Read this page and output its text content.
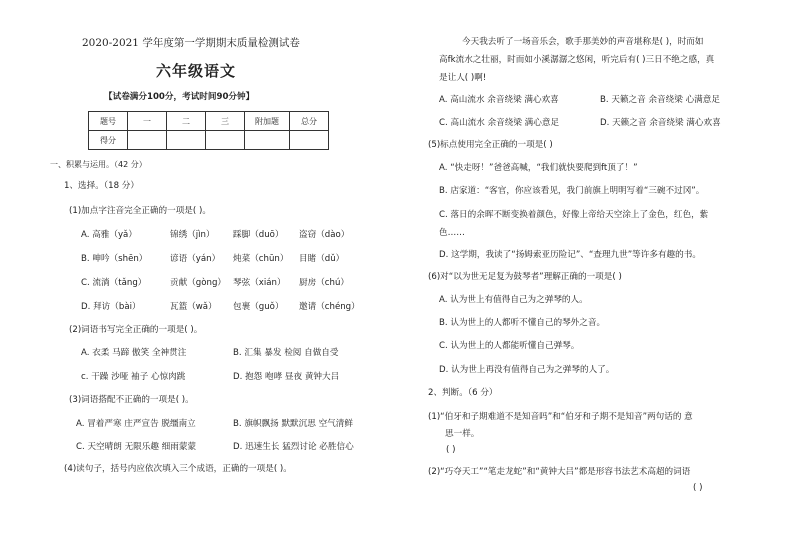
2020-2021 学年度第一学期期末质量检测试卷
六年级语文
【试卷满分100分，考试时间90分钟】
题号	一	二	三	附加题	总分
得分					
一、积累与运用。（42 分）
1、选择。（18 分）
(1)加点字注音完全正确的一项是( )。
A. 高雅（yǎ）	锦绣（jìn） 踩脚（duō） 盗窃（dào）
B. 呻吟（shēn）	谚语（yán） 炖菜（chūn） 目睹（dǔ）
C. 流淌（tǎng）	贡献（gòng） 琴弦（xián） 厨房（chú）
D. 拜访（bài）	瓦篮（wǎ） 包裹（guǒ） 邀请（chéng）
(2)词语书写完全正确的一项是( )。
A. 衣柔 马蹄 傲笑 全神贯注	B. 汇集 暴发 检阅 自做自受
c. 干躁 沙哑 袖子 心惊肉跳	D. 抱怨 咆哮 昼夜 黄钟大吕
(3)词语搭配不正确的一项是( )。
A. 冒着严寒 庄严宣告 脱缰南立	B. 旗帜飘扬 默默沉思 空气清鲜
C. 天空晴朗 无限乐趣 细雨蒙蒙	D. 迅速生长 猛烈讨论 必胜信心
(4)读句子，括号内应依次填入三个成语，正确的一项是( )。
今天我去听了一场音乐会，歌手那美妙的声音堪称是( )，时而如
高fk流水之壮丽，时而如小溪潺潺之悠闲，听完后有( )三日不绝之感，真
是让人( )啊!
A. 高山流水 余音绕梁 满心欢喜	B. 天籁之音 余音绕梁 心满意足
C. 高山流水 余音绕梁 满心意足	D. 天籁之音 余音绕梁 满心欢喜
(5)标点使用完全正确的一项是( )
A. “快走呀！”爸爸高喊，“我们就快要爬到ft顶了！”
B. 店家道：“客官，你应该看见，我门前旗上明明写着“三碗不过冈”。
C. 落日的余晖不断变换着颜色，好像上帝给天空涂上了金色，红色，紫
色……
D. 这学期，我读了“扬姆索亚历险记”、“查理九世”等许多有趣的书。
(6)对“以为世无足复为鼓琴者”理解正确的一项是( )
A. 认为世上有值得自己为之弹琴的人。
B. 认为世上的人都听不懂自己的琴外之音。
C. 认为世上的人都能听懂自己弹琴。
D. 认为世上再没有值得自己为之弹琴的人了。
2、判断。（6 分）
(1)“伯牙和子期难道不是知音吗”和“伯牙和子期不是知音”两句话的 意
思一样。
( )
(2)“巧夺天工”“笔走龙蛇”和“黄钟大吕”都是形容书法艺术高超的词语
( )
